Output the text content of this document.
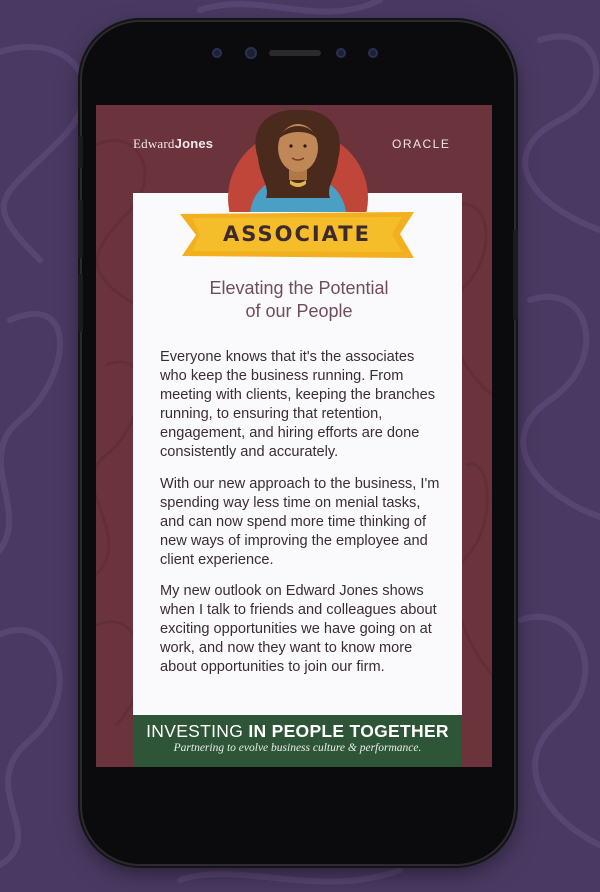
EdwardJones	ORACLE
ASSOCIATE
Elevating the Potential
of our People

Everyone knows that it's the associates who keep the business running. From meeting with clients, keeping the branches running, to ensuring that retention, engagement, and hiring efforts are done consistently and accurately.

With our new approach to the business, I'm spending way less time on menial tasks, and can now spend more time thinking of new ways of improving the employee and client experience.

My new outlook on Edward Jones shows when I talk to friends and colleagues about exciting opportunities we have going on at work, and now they want to know more about opportunities to join our firm.

INVESTING IN PEOPLE TOGETHER
Partnering to evolve business culture & performance.
